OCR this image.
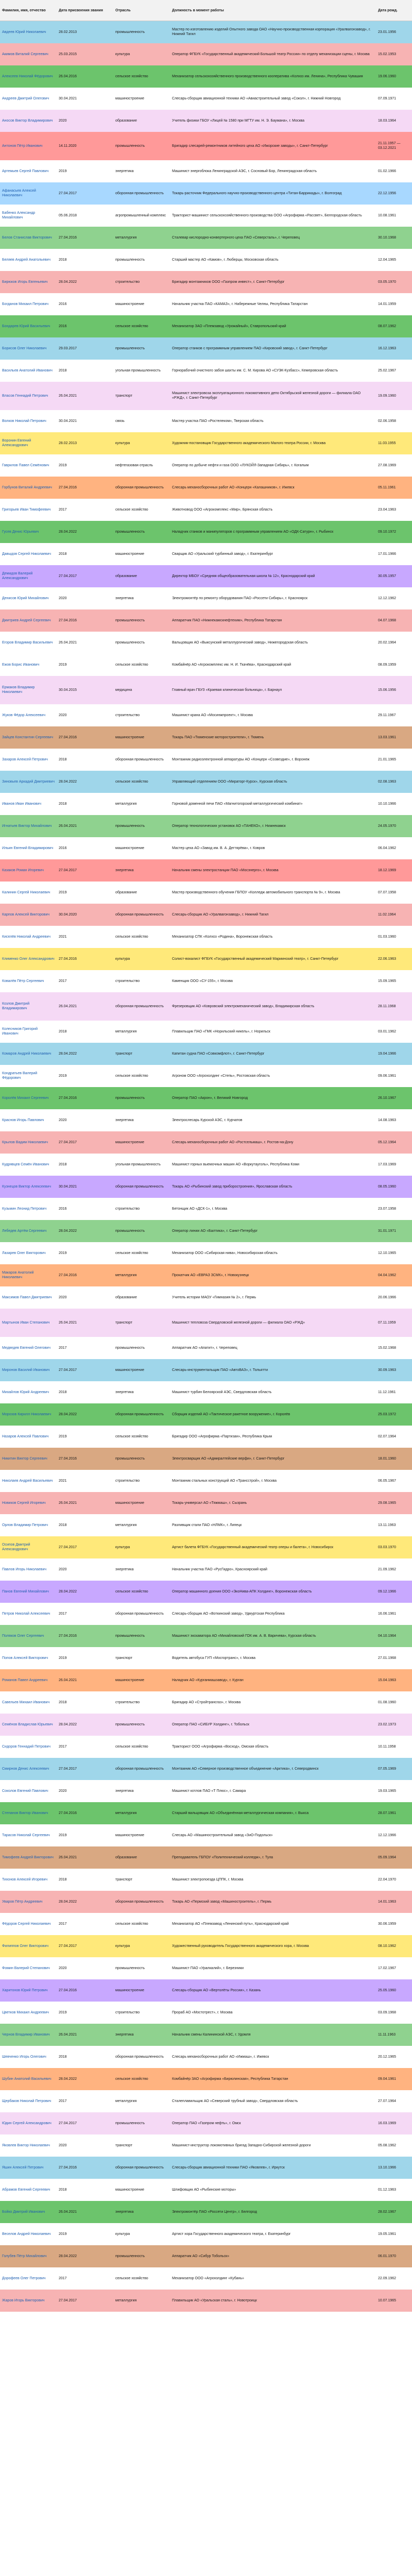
Фамилия, имя, отчество	Дата присвоения звания	Отрасль	Должность в момент работы	Дата рожд.
Авдеев Юрий Николаевич	28.02.2013	промышленность	Мастер по изготовлению изделий Опытного завода ОАО «Научно-производственная корпорация «Уралвагонзавод», г. Нижний Тагил	23.01.1956
Акимов Виталий Сергеевич	25.03.2015	культура	Оператор ФГБУК «Государственный академический Большой театр России» по отделу механизации сцены, г. Москва	15.02.1953
Алексеев Николай Фёдорович	26.04.2016	сельское хозяйство	Механизатор сельскохозяйственного производственного кооператива «Колхоз им. Ленина», Республика Чувашия	19.06.1960
Андреев Дмитрий Олегович	30.04.2021	машиностроение	Слесарь-сборщик авиационной техники АО «Авиастроительный завод «Сокол», г. Нижний Новгород	07.09.1971
Аносов Виктор Владимирович	2020	образование	Учитель физики ГБОУ «Лицей № 1580 при МГТУ им. Н. Э. Баумана», г. Москва	18.03.1964
Антонов Пётр Иванович	14.11.2020	промышленность	Бригадир слесарей-ремонтников литейного цеха АО «Ижорские заводы», г. Санкт-Петербург	21.11.1957 — 03.12.2021
Артемьев Сергей Павлович	2019	энергетика	Машинист энергоблока Ленинградской АЭС, г. Сосновый Бор, Ленинградская область	01.02.1966
Афанасьев Алексей Николаевич	27.04.2017	оборонная промышленность	Токарь-расточник Федерального научно-производственного центра «Титан-Баррикады», г. Волгоград	22.12.1956
Бабенко Александр Михайлович	05.06.2018	агропромышленный комплекс	Тракторист-машинист сельскохозяйственного производства ООО «Агрофирма «Рассвет», Белгородская область	10.08.1961
Белов Станислав Викторович	27.04.2016	металлургия	Сталевар кислородно-конвертерного цеха ПАО «Северсталь», г. Череповец	30.10.1968
Беляев Андрей Анатольевич	2018	промышленность	Старший мастер АО «Камов», г. Люберцы, Московская область	12.04.1965
Бирюков Игорь Евгеньевич	28.04.2022	строительство	Бригадир монтажников ООО «Газпром инвест», г. Санкт-Петербург	03.05.1970
Богданов Михаил Петрович	2016	машиностроение	Начальник участка ПАО «КАМАЗ», г. Набережные Челны, Республика Татарстан	14.01.1959
Бондарев Юрий Васильевич	2016	сельское хозяйство	Механизатор ЗАО «Племзавод «Урожайный», Ставропольский край	08.07.1962
Борисов Олег Николаевич	29.03.2017	промышленность	Оператор станков с программным управлением ПАО «Кировский завод», г. Санкт-Петербург	16.12.1963
Васильев Анатолий Иванович	2018	угольная промышленность	Горнорабочий очистного забоя шахты им. С. М. Кирова АО «СУЭК-Кузбасс», Кемеровская область	25.02.1967
Власов Геннадий Петрович	26.04.2021	транспорт	Машинист электровоза эксплуатационного локомотивного депо Октябрьской железной дороги — филиала ОАО «РЖД», г. Санкт-Петербург	19.09.1960
Волков Николай Петрович	30.04.2021	связь	Мастер участка ПАО «Ростелеком», Тверская область	02.06.1958
Воронин Евгений Александрович	28.02.2013	культура	Художник-постановщик Государственного академического Малого театра России, г. Москва	11.03.1955
Гаврилов Павел Семёнович	2019	нефтегазовая отрасль	Оператор по добыче нефти и газа ООО «ЛУКОЙЛ-Западная Сибирь», г. Когалым	27.08.1969
Горбунов Виталий Андреевич	27.04.2016	оборонная промышленность	Слесарь механосборочных работ АО «Концерн «Калашников», г. Ижевск	05.11.1961
Григорьев Иван Тимофеевич	2017	сельское хозяйство	Животновод ООО «Агрокомплекс «Мир», Брянская область	23.04.1963
Гусев Денис Юрьевич	28.04.2022	промышленность	Наладчик станков и манипуляторов с программным управлением АО «ОДК-Сатурн», г. Рыбинск	09.10.1972
Давыдов Сергей Николаевич	2018	машиностроение	Сварщик АО «Уральский турбинный завод», г. Екатеринбург	17.01.1966
Демидов Валерий Александрович	27.04.2017	образование	Директор МБОУ «Средняя общеобразовательная школа № 12», Краснодарский край	30.05.1957
Денисов Юрий Михайлович	2020	энергетика	Электромонтёр по ремонту оборудования ПАО «Россети Сибирь», г. Красноярск	12.12.1962
Дмитриев Андрей Сергеевич	27.04.2016	промышленность	Аппаратчик ПАО «Нижнекамскнефтехим», Республика Татарстан	04.07.1968
Егоров Владимир Васильевич	26.04.2021	промышленность	Вальцовщик АО «Выксунский металлургический завод», Нижегородская область	20.02.1964
Ежов Борис Иванович	2019	сельское хозяйство	Комбайнёр АО «Агрокомплекс им. Н. И. Ткачёва», Краснодарский край	08.09.1959
Ермаков Владимир Николаевич	30.04.2015	медицина	Главный врач ГБУЗ «Краевая клиническая больница», г. Барнаул	15.06.1956
Жуков Фёдор Алексеевич	2020	строительство	Машинист крана АО «Мосинжпроект», г. Москва	29.11.1967
Зайцев Константин Сергеевич	27.04.2016	машиностроение	Токарь ПАО «Тюменские моторостроители», г. Тюмень	13.03.1961
Захаров Алексей Петрович	2018	оборонная промышленность	Монтажник радиоэлектронной аппаратуры АО «Концерн «Созвездие», г. Воронеж	21.01.1965
Зиновьев Аркадий Дмитриевич	28.04.2022	сельское хозяйство	Управляющий отделением ООО «Мираторг-Курск», Курская область	02.08.1963
Иванов Иван Иванович	2018	металлургия	Горновой доменной печи ПАО «Магнитогорский металлургический комбинат»	10.10.1966
Игнатьев Виктор Михайлович	26.04.2021	промышленность	Оператор технологических установок АО «ТАНЕКО», г. Нижнекамск	24.05.1970
Ильин Евгений Владимирович	2016	машиностроение	Мастер цеха АО «Завод им. В. А. Дегтярёва», г. Ковров	06.04.1962
Казаков Роман Игоревич	27.04.2017	энергетика	Начальник смены электростанции ПАО «Мосэнерго», г. Москва	18.12.1969
Калинин Сергей Николаевич	2019	образование	Мастер производственного обучения ГБПОУ «Колледж автомобильного транспорта № 9», г. Москва	07.07.1958
Карпов Алексей Викторович	30.04.2020	оборонная промышленность	Слесарь-сборщик АО «Уралвагонзавод», г. Нижний Тагил	11.02.1964
Киселёв Николай Андреевич	2021	сельское хозяйство	Механизатор СПК «Колхоз «Родина», Воронежская область	01.03.1960
Клименко Олег Александрович	27.04.2016	культура	Солист-вокалист ФГБУК «Государственный академический Мариинский театр», г. Санкт-Петербург	22.06.1963
Ковалёв Пётр Сергеевич	2017	строительство	Каменщик ООО «СУ-155», г. Москва	15.09.1965
Козлов Дмитрий Владимирович	26.04.2021	оборонная промышленность	Фрезеровщик АО «Ковровский электромеханический завод», Владимирская область	28.11.1968
Колесников Григорий Иванович	2018	металлургия	Плавильщик ПАО «ГМК «Норильский никель», г. Норильск	03.01.1962
Комаров Андрей Николаевич	28.04.2022	транспорт	Капитан судна ПАО «Совкомфлот», г. Санкт-Петербург	19.04.1966
Кондратьев Валерий Фёдорович	2019	сельское хозяйство	Агроном ООО «Агрохолдинг «Степь», Ростовская область	09.06.1961
Королёв Михаил Сергеевич	27.04.2016	промышленность	Оператор ПАО «Акрон», г. Великий Новгород	26.10.1967
Краснов Игорь Павлович	2020	энергетика	Электрослесарь Курской АЭС, г. Курчатов	14.08.1963
Крылов Вадим Николаевич	27.04.2017	машиностроение	Слесарь механосборочных работ АО «Ростсельмаш», г. Ростов-на-Дону	05.12.1964
Кудрявцев Семён Иванович	2018	угольная промышленность	Машинист горных выемочных машин АО «Воркутауголь», Республика Коми	17.03.1969
Кузнецов Виктор Алексеевич	30.04.2021	оборонная промышленность	Токарь АО «Рыбинский завод приборостроения», Ярославская область	08.05.1960
Кузьмин Леонид Петрович	2016	строительство	Бетонщик АО «ДСК-1», г. Москва	23.07.1958
Лебедев Артём Сергеевич	28.04.2022	промышленность	Оператор линии АО «Балтика», г. Санкт-Петербург	31.01.1971
Лазарев Олег Викторович	2019	сельское хозяйство	Механизатор ООО «Сибирская нива», Новосибирская область	12.10.1965
Макаров Анатолий Николаевич	27.04.2016	металлургия	Прокатчик АО «ЕВРАЗ ЗСМК», г. Новокузнецк	04.04.1962
Максимов Павел Дмитриевич	2020	образование	Учитель истории МАОУ «Гимназия № 2», г. Пермь	20.06.1966
Мартынов Иван Степанович	26.04.2021	транспорт	Машинист тепловоза Свердловской железной дороги — филиала ОАО «РЖД»	07.11.1959
Медведев Евгений Олегович	2017	промышленность	Аппаратчик АО «Апатит», г. Череповец	15.02.1968
Миронов Василий Иванович	27.04.2017	машиностроение	Слесарь-инструментальщик ПАО «АвтоВАЗ», г. Тольятти	30.09.1963
Михайлов Юрий Андреевич	2018	энергетика	Машинист турбин Белоярской АЭС, Свердловская область	11.12.1961
Морозов Кирилл Николаевич	28.04.2022	оборонная промышленность	Сборщик изделий АО «Тактическое ракетное вооружение», г. Королёв	25.03.1972
Назаров Алексей Павлович	2019	сельское хозяйство	Бригадир ООО «Агрофирма «Партизан», Республика Крым	02.07.1964
Никитин Виктор Сергеевич	27.04.2016	промышленность	Электросварщик АО «Адмиралтейские верфи», г. Санкт-Петербург	18.01.1960
Николаев Андрей Васильевич	2021	строительство	Монтажник стальных конструкций АО «Трансстрой», г. Москва	06.05.1967
Новиков Сергей Игоревич	26.04.2021	машиностроение	Токарь-универсал АО «Тяжмаш», г. Сызрань	29.08.1965
Орлов Владимир Петрович	2018	металлургия	Разливщик стали ПАО «НЛМК», г. Липецк	13.11.1963
Осипов Дмитрий Александрович	27.04.2017	культура	Артист балета ФГБУК «Государственный академический театр оперы и балета», г. Новосибирск	03.03.1970
Павлов Игорь Николаевич	2020	энергетика	Начальник участка ПАО «РусГидро», Красноярский край	21.09.1962
Панов Евгений Михайлович	28.04.2022	сельское хозяйство	Оператор машинного доения ООО «ЭкоНива-АПК Холдинг», Воронежская область	09.12.1966
Петров Николай Алексеевич	2017	оборонная промышленность	Слесарь-сборщик АО «Воткинский завод», Удмуртская Республика	16.06.1961
Поляков Олег Сергеевич	27.04.2016	промышленность	Машинист экскаватора АО «Михайловский ГОК им. А. В. Варичева», Курская область	04.10.1964
Попов Алексей Викторович	2019	транспорт	Водитель автобуса ГУП «Мосгортранс», г. Москва	27.01.1968
Романов Павел Андреевич	26.04.2021	машиностроение	Наладчик АО «Курганмашзавод», г. Курган	15.04.1963
Савельев Михаил Иванович	2018	строительство	Бригадир АО «Стройтрансгаз», г. Москва	01.08.1960
Семёнов Владислав Юрьевич	28.04.2022	промышленность	Оператор ПАО «СИБУР Холдинг», г. Тобольск	23.02.1973
Сидоров Геннадий Петрович	2017	сельское хозяйство	Тракторист ООО «Агрофирма «Восход», Омская область	10.11.1958
Смирнов Денис Алексеевич	27.04.2017	оборонная промышленность	Монтажник АО «Северное производственное объединение «Арктика», г. Северодвинск	07.05.1969
Соколов Евгений Павлович	2020	энергетика	Машинист котлов ПАО «Т Плюс», г. Самара	19.03.1965
Степанов Виктор Иванович	27.04.2016	металлургия	Старший вальцовщик АО «Объединённая металлургическая компания», г. Выкса	28.07.1961
Тарасов Николай Сергеевич	2019	машиностроение	Слесарь АО «Машиностроительный завод «ЗиО-Подольск»	12.12.1966
Тимофеев Андрей Викторович	26.04.2021	образование	Преподаватель ГБПОУ «Политехнический колледж», г. Тула	05.09.1964
Тихонов Алексей Игоревич	2018	транспорт	Машинист электропоезда ЦППК, г. Москва	22.04.1970
Уваров Пётр Андреевич	28.04.2022	оборонная промышленность	Токарь АО «Пермский завод «Машиностроитель», г. Пермь	14.01.1963
Фёдоров Сергей Николаевич	2017	сельское хозяйство	Механизатор АО «Племзавод «Ленинский путь», Краснодарский край	30.06.1959
Филиппов Олег Викторович	27.04.2017	культура	Художественный руководитель Государственного академического хора, г. Москва	08.10.1962
Фомин Валерий Степанович	2020	промышленность	Машинист ПАО «Уралкалий», г. Березники	17.02.1967
Харитонов Юрий Петрович	27.04.2016	машиностроение	Слесарь-сборщик АО «Вертолёты России», г. Казань	25.05.1960
Цветков Михаил Андреевич	2019	строительство	Прораб АО «Мостотрест», г. Москва	03.09.1968
Чернов Владимир Иванович	26.04.2021	энергетика	Начальник смены Калининской АЭС, г. Удомля	11.11.1963
Шевченко Игорь Олегович	2018	оборонная промышленность	Слесарь механосборочных работ АО «Ижмаш», г. Ижевск	20.12.1965
Шубин Анатолий Васильевич	28.04.2022	сельское хозяйство	Комбайнёр ЗАО «Агрофирма «Бирюлинская», Республика Татарстан	09.04.1961
Щербаков Николай Петрович	2017	металлургия	Сталеплавильщик АО «Северский трубный завод», Свердловская область	27.07.1964
Юдин Сергей Александрович	27.04.2017	промышленность	Оператор ПАО «Газпром нефть», г. Омск	16.03.1969
Яковлев Виктор Николаевич	2020	транспорт	Машинист-инструктор локомотивных бригад Западно-Сибирской железной дороги	05.08.1962
Яшин Алексей Петрович	27.04.2016	оборонная промышленность	Слесарь-сборщик авиационной техники ПАО «Яковлев», г. Иркутск	13.10.1966
Абрамов Евгений Сергеевич	2018	машиностроение	Шлифовщик АО «Рыбинские моторы»	01.12.1963
Бойко Дмитрий Иванович	26.04.2021	энергетика	Электромонтёр ПАО «Россети Центр», г. Белгород	28.02.1967
Веселов Андрей Николаевич	2019	культура	Артист хора Государственного академического театра, г. Екатеринбург	19.05.1961
Голубев Пётр Михайлович	28.04.2022	промышленность	Аппаратчик АО «Сибур Тобольск»	06.01.1970
Дорофеев Олег Петрович	2017	сельское хозяйство	Механизатор ООО «Агрохолдинг «Кубань»	22.09.1962
Жаров Игорь Викторович	27.04.2017	металлургия	Плавильщик АО «Уральская сталь», г. Новотроицк	10.07.1965
